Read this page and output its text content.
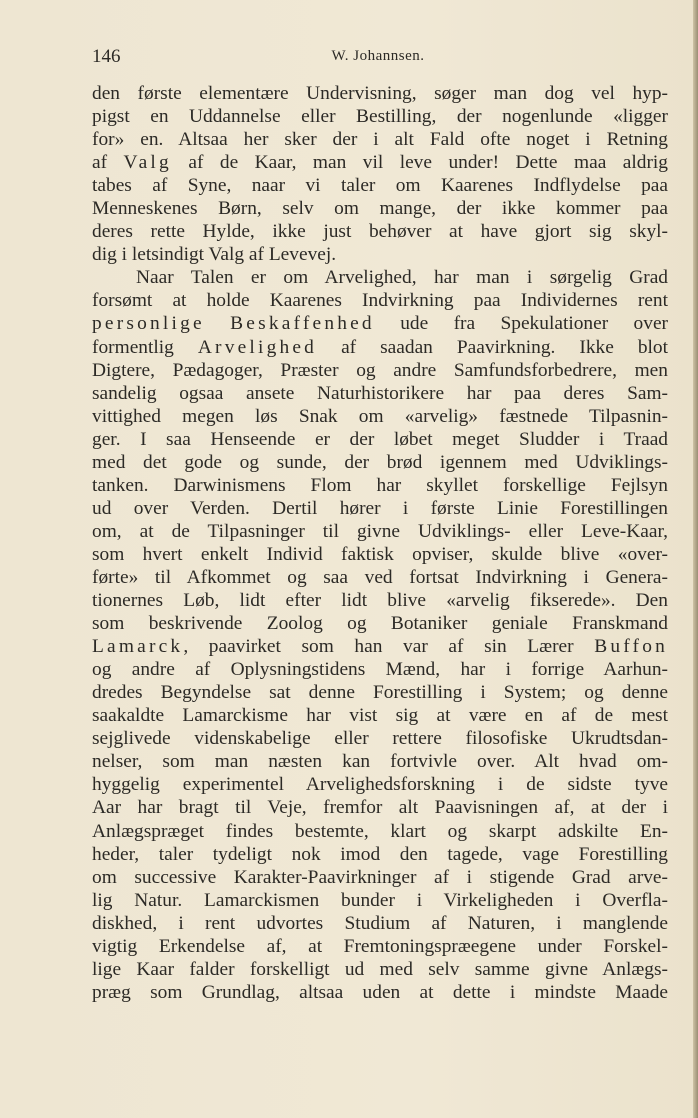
146	W. Johannsen.
den første elementære Undervisning, søger man dog vel hyp-
pigst en Uddannelse eller Bestilling, der nogenlunde «ligger
for» en. Altsaa her sker der i alt Fald ofte noget i Retning
af Valg af de Kaar, man vil leve under! Dette maa aldrig
tabes af Syne, naar vi taler om Kaarenes Indflydelse paa
Menneskenes Børn, selv om mange, der ikke kommer paa
deres rette Hylde, ikke just behøver at have gjort sig skyl-
dig i letsindigt Valg af Levevej.
Naar Talen er om Arvelighed, har man i sørgelig Grad
forsømt at holde Kaarenes Indvirkning paa Individernes rent
personlige Beskaffenhed ude fra Spekulationer over
formentlig Arvelighed af saadan Paavirkning. Ikke blot
Digtere, Pædagoger, Præster og andre Samfundsforbedrere, men
sandelig ogsaa ansete Naturhistorikere har paa deres Sam-
vittighed megen løs Snak om «arvelig» fæstnede Tilpasnin-
ger. I saa Henseende er der løbet meget Sludder i Traad
med det gode og sunde, der brød igennem med Udviklings-
tanken. Darwinismens Flom har skyllet forskellige Fejlsyn
ud over Verden. Dertil hører i første Linie Forestillingen
om, at de Tilpasninger til givne Udviklings- eller Leve-Kaar,
som hvert enkelt Individ faktisk opviser, skulde blive «over-
førte» til Afkommet og saa ved fortsat Indvirkning i Genera-
tionernes Løb, lidt efter lidt blive «arvelig fikserede». Den
som beskrivende Zoolog og Botaniker geniale Franskmand
Lamarck, paavirket som han var af sin Lærer Buffon
og andre af Oplysningstidens Mænd, har i forrige Aarhun-
dredes Begyndelse sat denne Forestilling i System; og denne
saakaldte Lamarckisme har vist sig at være en af de mest
sejglivede videnskabelige eller rettere filosofiske Ukrudtsdan-
nelser, som man næsten kan fortvivle over. Alt hvad om-
hyggelig experimentel Arvelighedsforskning i de sidste tyve
Aar har bragt til Veje, fremfor alt Paavisningen af, at der i
Anlægspræget findes bestemte, klart og skarpt adskilte En-
heder, taler tydeligt nok imod den tagede, vage Forestilling
om successive Karakter-Paavirkninger af i stigende Grad arve-
lig Natur. Lamarckismen bunder i Virkeligheden i Overfla-
diskhed, i rent udvortes Studium af Naturen, i manglende
vigtig Erkendelse af, at Fremtoningspræegene under Forskel-
lige Kaar falder forskelligt ud med selv samme givne Anlægs-
præg som Grundlag, altsaa uden at dette i mindste Maade
